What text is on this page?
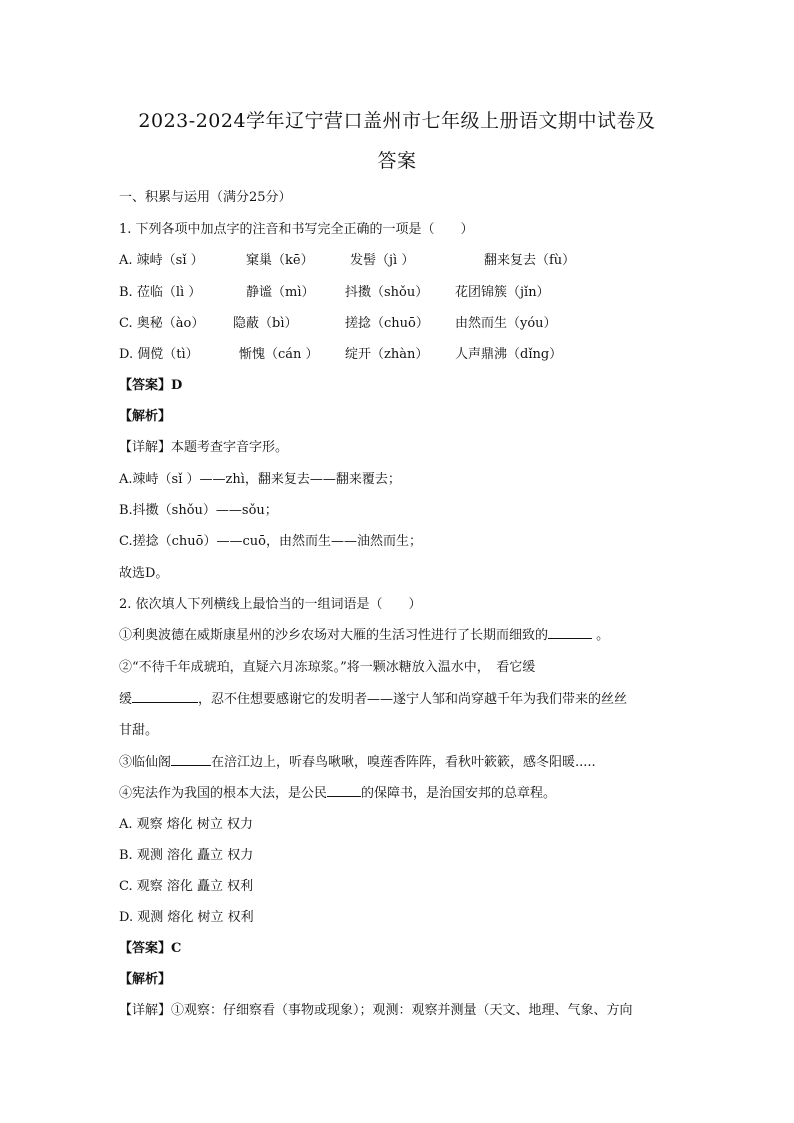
2023-2024学年辽宁营口盖州市七年级上册语文期中试卷及
答案
一、积累与运用（满分25分）
1. 下列各项中加点字的注音和书写完全正确的一项是（　　）
A. 竦峙（sǐ ）	窠巢（kē）	发髻（jì ）	翻来复去（fù）
B. 莅临（lì ）	静谧（mì） 抖擞（shǒu） 花团锦簇（jǐn）
C. 奥秘（ào） 隐蔽（bì）	搓捻（chuō） 由然而生（yóu）
D. 倜傥（tì）	惭愧（cán ） 绽开（zhàn） 人声鼎沸（dǐng）
【答案】D
【解析】
【详解】本题考查字音字形。
A.竦峙（sǐ ）——zhì，翻来复去——翻来覆去；
B.抖擞（shǒu）——sǒu；
C.搓捻（chuō）——cuō，由然而生——油然而生；
故选D。
2. 依次填人下列横线上最恰当的一组词语是（　　）
①利奥波德在威斯康星州的沙乡农场对大雁的生活习性进行了长期而细致的	。
②“不待千年成琥珀，直疑六月冻琼浆。”将一颗冰糖放入温水中，　看它缓
缓	，忍不住想要感谢它的发明者——遂宁人邹和尚穿越千年为我们带来的丝丝
甘甜。
③临仙阁	在涪江边上，听春鸟啾啾，嗅莲香阵阵，看秋叶簌簌，感冬阳暖.....
④宪法作为我国的根本大法，是公民	的保障书，是治国安邦的总章程。
A. 观察 熔化 树立 权力
B. 观测 溶化 矗立 权力
C. 观察 溶化 矗立 权利
D. 观测 熔化 树立 权利
【答案】C
【解析】
【详解】①观察：仔细察看（事物或现象）；观测：观察并测量（天文、地理、气象、方向
